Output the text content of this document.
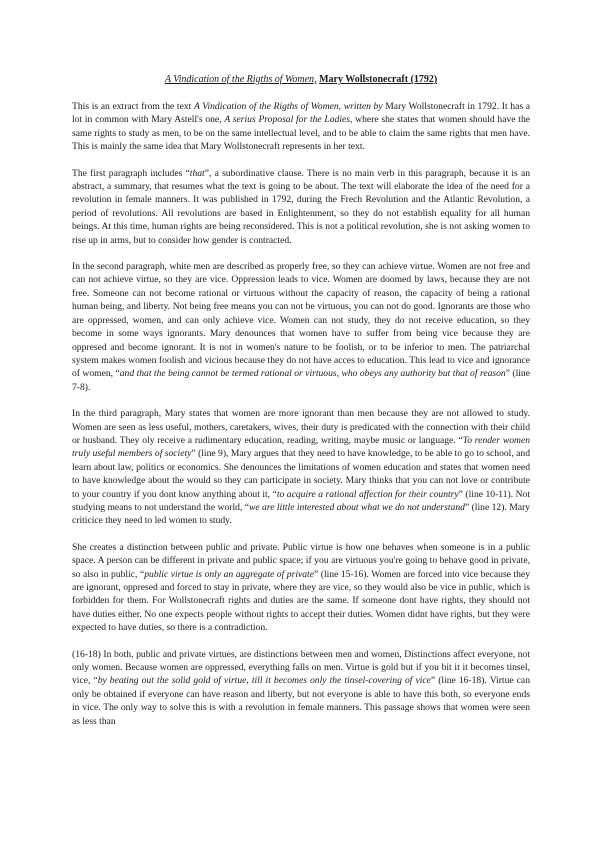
A Vindication of the Rigths of Women, Mary Wollstonecraft (1792)

This is an extract from the text A Vindication of the Rigths of Women, written by Mary Wollstonecraft in 1792. It has a lot in common with Mary Astell's one, A serius Proposal for the Ladies, where she states that women should have the same rights to study as men, to be on the same intellectual level, and to be able to claim the same rights that men have. This is mainly the same idea that Mary Wollstonecraft represents in her text.

The first paragraph includes “that”, a subordinative clause. There is no main verb in this paragraph, because it is an abstract, a summary, that resumes what the text is going to be about. The text will elaborate the idea of the need for a revolution in female manners. It was published in 1792, during the Frech Revolution and the Atlantic Revolution, a period of revolutions. All revolutions are based in Enlightenment, so they do not establish equality for all human beings. At this time, human rights are being reconsidered. This is not a political revolution, she is not asking women to rise up in arms, but to consider how gender is contracted.

In the second paragraph, white men are described as properly free, so they can achieve virtue. Women are not free and can not achieve virtue, so they are vice. Oppression leads to vice. Women are doomed by laws, because they are not free. Someone can not become rational or virtuous without the capacity of reason, the capacity of being a rational human being, and liberty. Not being free means you can not be virtuous, you can not do good. Ignorants are those who are oppressed, women, and can only achieve vice. Women can not study, they do not receive education, so they become in some ways ignorants. Mary denounces that women have to suffer from being vice because they are oppresed and become ignorant. It is not in women's nature to be foolish, or to be inferior to men. The patriarchal system makes women foolish and vicious because they do not have acces to education. This lead to vice and ignorance of women, “and that the being cannot be termed rational or virtuous, who obeys any authority but that of reason” (line 7-8).

In the third paragraph, Mary states that women are more ignorant than men because they are not allowed to study. Women are seen as less useful, mothers, caretakers, wives, their duty is predicated with the connection with their child or husband. They oly receive a rudimentary education, reading, writing, maybe music or language. “To render women truly useful members of society” (line 9), Mary argues that they need to have knowledge, to be able to go to school, and learn about law, politics or economics. She denounces the limitations of women education and states that women need to have knowledge about the would so they can participate in society. Mary thinks that you can not love or contribute to your country if you dont know anything about it, “to acquire a rational affection for their country” (line 10-11). Not studying means to not understand the world, “we are little interested about what we do not understand” (line 12). Mary criticice they need to led women to study.

She creates a distinction between public and private. Public virtue is how one behaves when someone is in a public space. A person can be different in private and public space; if you are virtuous you're going to behave good in private, so also in public, “public virtue is only an aggregate of private” (line 15-16). Women are forced into vice because they are ignorant, oppresed and forced to stay in private, where they are vice, so they would also be vice in public, which is forbidden for them. For Wollstonecraft rights and duties are the same. If someone dont have rights, they should not have duties either. No one expects people without rights to accept their duties. Women didnt have rights, but they were expected to have duties, so there is a contradiction.

(16-18) In both, public and private virtues, are distinctions between men and women, Distinctions affect everyone, not only women. Because women are oppressed, everything falls on men. Virtue is gold but if you bit it it becomes tinsel, vice, “by beating out the solid gold of virtue, till it becomes only the tinsel-covering of vice” (line 16-18). Virtue can only be obtained if everyone can have reason and liberty, but not everyone is able to have this both, so everyone ends in vice. The only way to solve this is with a revolution in female manners. This passage shows that women were seen as less than
